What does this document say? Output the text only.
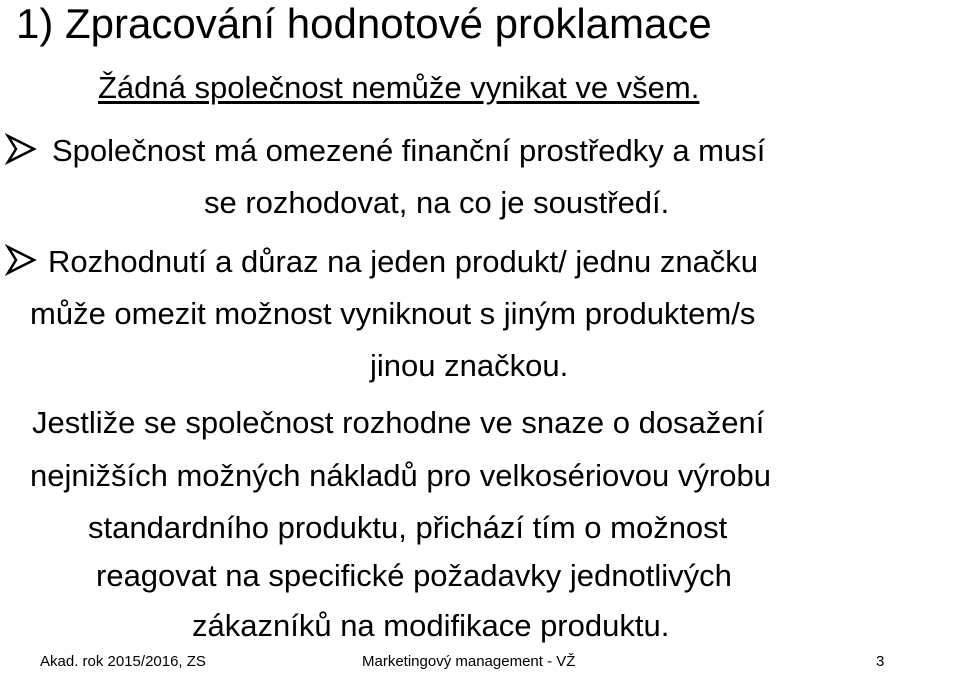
1) Zpracování hodnotové proklamace
Žádná společnost nemůže vynikat ve všem.
Společnost má omezené finanční prostředky a musí
se rozhodovat, na co je soustředí.
Rozhodnutí a důraz na jeden produkt/ jednu značku
může omezit možnost vyniknout s jiným produktem/s
jinou značkou.
Jestliže se společnost rozhodne ve snaze o dosažení
nejnižších možných nákladů pro velkosériovou výrobu
standardního produktu, přichází tím o možnost
reagovat na specifické požadavky jednotlivých
zákazníků na modifikace produktu.
Akad. rok 2015/2016, ZS	Marketingový management - VŽ	3
